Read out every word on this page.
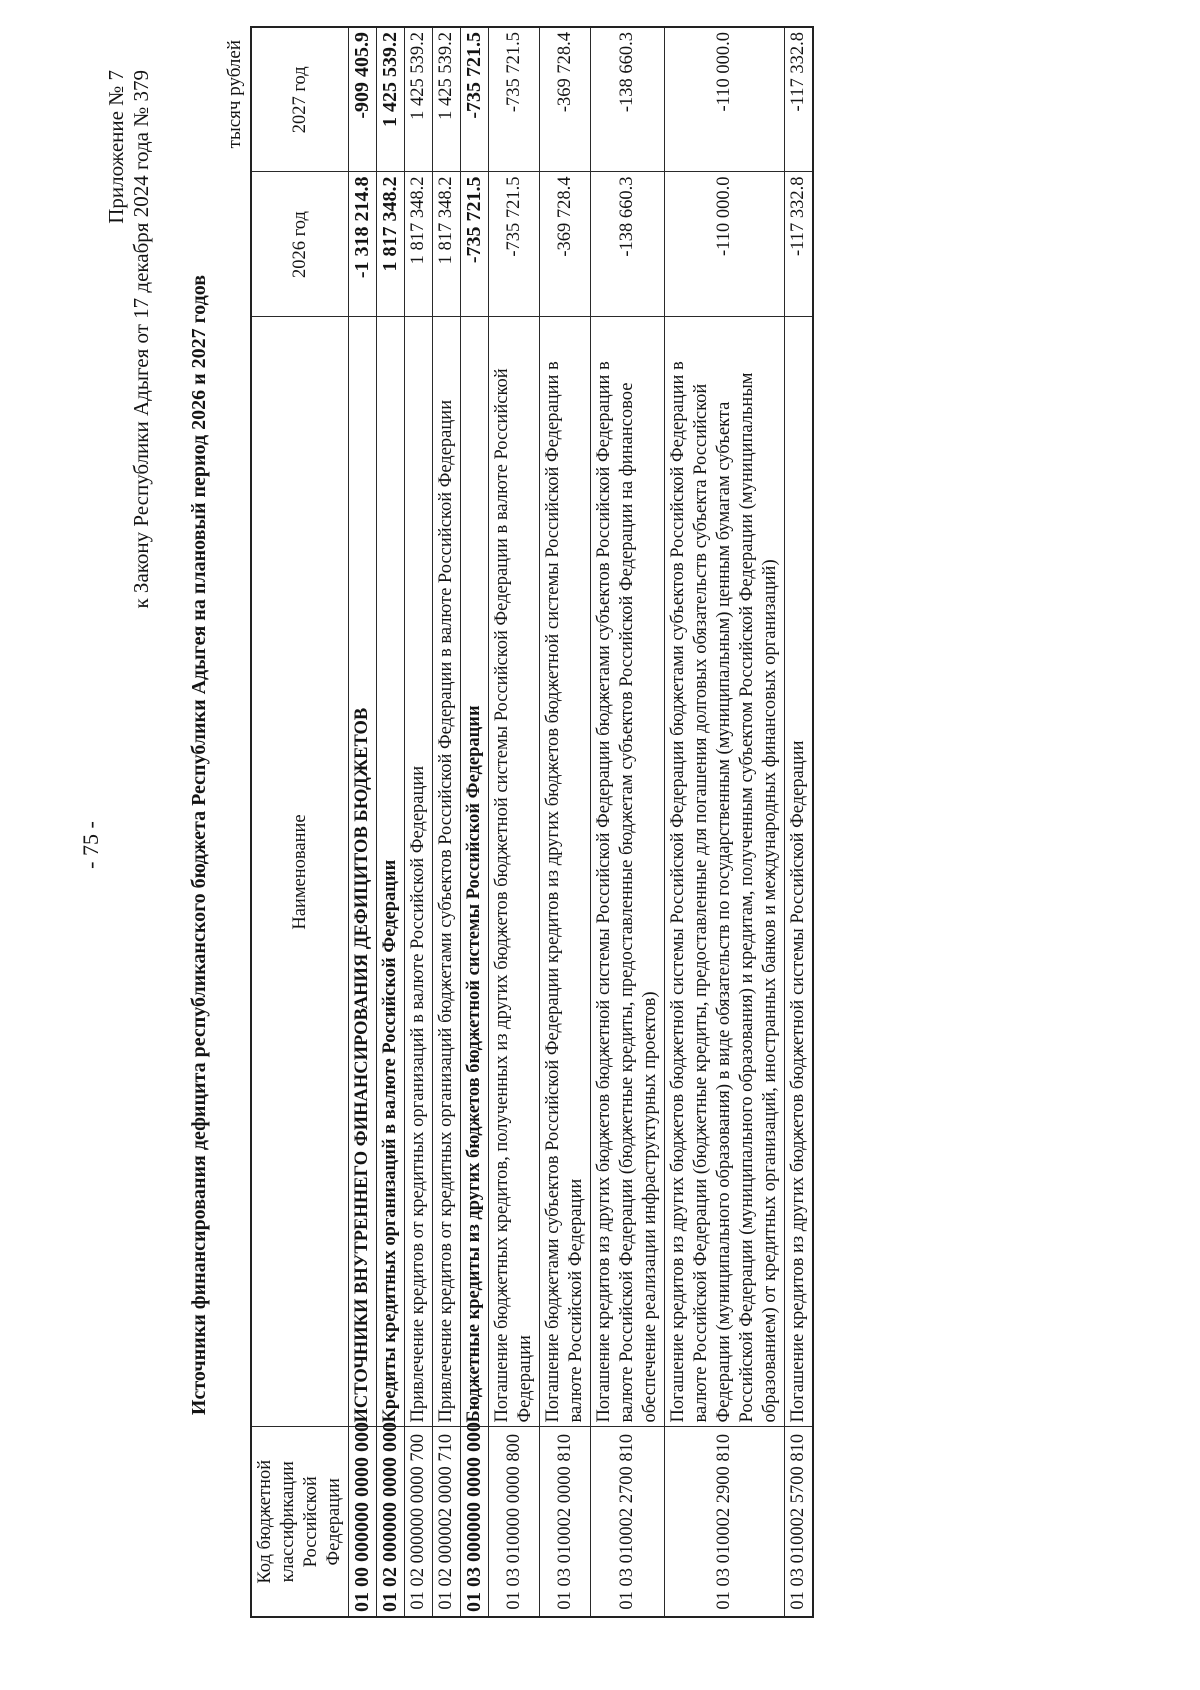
- 75 -
Приложение № 7 к Закону Республики Адыгея от 17 декабря 2024 года № 379 Источники финансирования дефицита республиканского бюджета Республики Адыгея на плановый период 2026 и 2027 годов
тысяч рублей
Код бюджетной классификации Российской Федерации	Наименование	2026 год	2027 год
01 00 000000 0000 000	ИСТОЧНИКИ ВНУТРЕННЕГО ФИНАНСИРОВАНИЯ ДЕФИЦИТОВ БЮДЖЕТОВ	-1 318 214.8	-909 405.9
01 02 000000 0000 000	Кредиты кредитных организаций в валюте Российской Федерации	1 817 348.2	1 425 539.2
01 02 000000 0000 700	Привлечение кредитов от кредитных организаций в валюте Российской Федерации	1 817 348.2	1 425 539.2
01 02 000002 0000 710	Привлечение кредитов от кредитных организаций бюджетами субъектов Российской Федерации в валюте Российской Федерации	1 817 348.2	1 425 539.2
01 03 000000 0000 000	Бюджетные кредиты из других бюджетов бюджетной системы Российской Федерации	-735 721.5	-735 721.5
01 03 010000 0000 800	Погашение бюджетных кредитов, полученных из других бюджетов бюджетной системы Российской Федерации в валюте Российской Федерации	-735 721.5	-735 721.5
01 03 010002 0000 810	Погашение бюджетами субъектов Российской Федерации кредитов из других бюджетов бюджетной системы Российской Федерации в валюте Российской Федерации	-369 728.4	-369 728.4
01 03 010002 2700 810	Погашение кредитов из других бюджетов бюджетной системы Российской Федерации бюджетами субъектов Российской Федерации в валюте Российской Федерации (бюджетные кредиты, предоставленные бюджетам субъектов Российской Федерации на финансовое обеспечение реализации инфраструктурных проектов)	-138 660.3	-138 660.3
01 03 010002 2900 810	Погашение кредитов из других бюджетов бюджетной системы Российской Федерации бюджетами субъектов Российской Федерации в валюте Российской Федерации (бюджетные кредиты, предоставленные для погашения долговых обязательств субъекта Российской Федерации (муниципального образования) в виде обязательств по государственным (муниципальным) ценным бумагам субъекта Российской Федерации (муниципального образования) и кредитам, полученным субъектом Российской Федерации (муниципальным образованием) от кредитных организаций, иностранных банков и международных финансовых организаций)	-110 000.0	-110 000.0
01 03 010002 5700 810	Погашение кредитов из других бюджетов бюджетной системы Российской Федерации	-117 332.8	-117 332.8
